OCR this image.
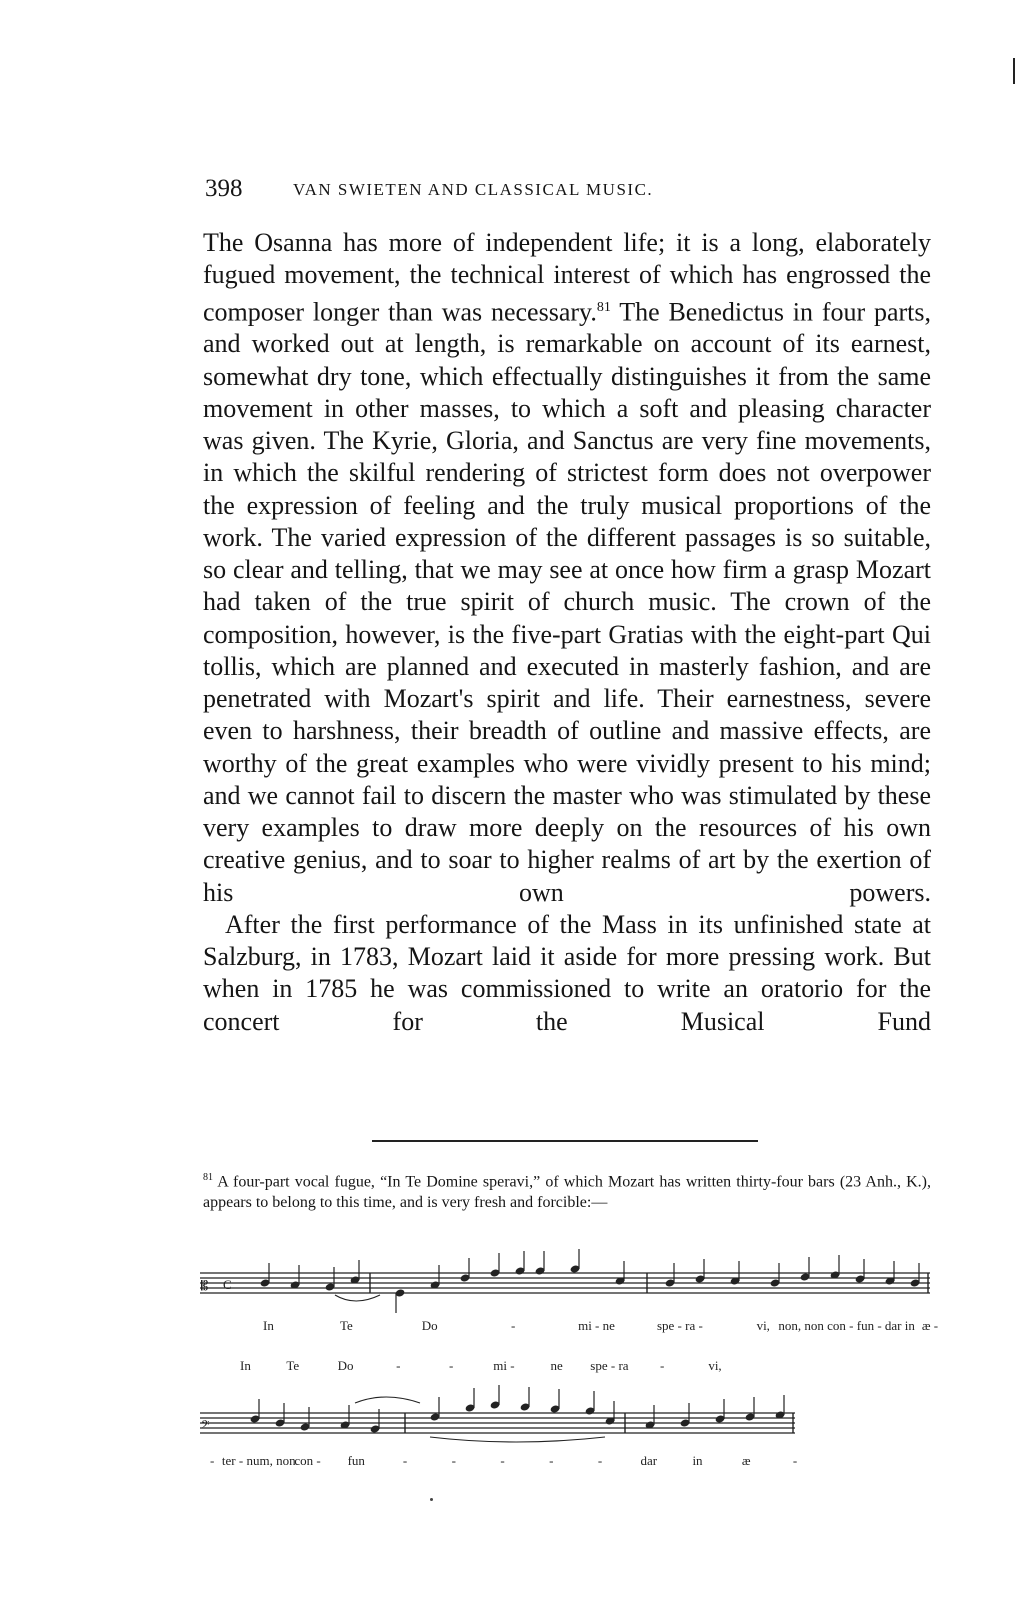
398	VAN SWIETEN AND CLASSICAL MUSIC.

The Osanna has more of independent life; it is a long, elaborately fugued movement, the technical interest of which has engrossed the composer longer than was necessary.$^{81}$ The Benedictus in four parts, and worked out at length, is remarkable on account of its earnest, somewhat dry tone, which effectually distinguishes it from the same movement in other masses, to which a soft and pleasing character was given. The Kyrie, Gloria, and Sanctus are very fine movements, in which the skilful rendering of strictest form does not overpower the expression of feeling and the truly musical proportions of the work. The varied expression of the different passages is so suitable, so clear and telling, that we may see at once how firm a grasp Mozart had taken of the true spirit of church music. The crown of the composition, however, is the five-part Gratias with the eight-part Qui tollis, which are planned and executed in masterly fashion, and are penetrated with Mozart's spirit and life. Their earnestness, severe even to harshness, their breadth of outline and massive effects, are worthy of the great examples who were vividly present to his mind; and we cannot fail to discern the master who was stimulated by these very examples to draw more deeply on the resources of his own creative genius, and to soar to higher realms of art by the exertion of his own powers.

After the first performance of the Mass in its unfinished state at Salzburg, in 1783, Mozart laid it aside for more pressing work. But when in 1785 he was commissioned to write an oratorio for the concert for the Musical Fund

$^{81}$ A four-part vocal fugue, “In Te Domine speravi,” of which Mozart has written thirty-four bars (23 Anh., K.), appears to belong to this time, and is very fresh and forcible:—

𝄡 C
In	Te	Do	-	mi - ne	spe - ra -	vi, non, non con - fun - dar in æ -
In	Te	Do	-	-	mi -	ne spe - ra -	vi,
𝄢
- ter - num, non
con - fun	-	-	-	-	-	dar	in	æ	-
